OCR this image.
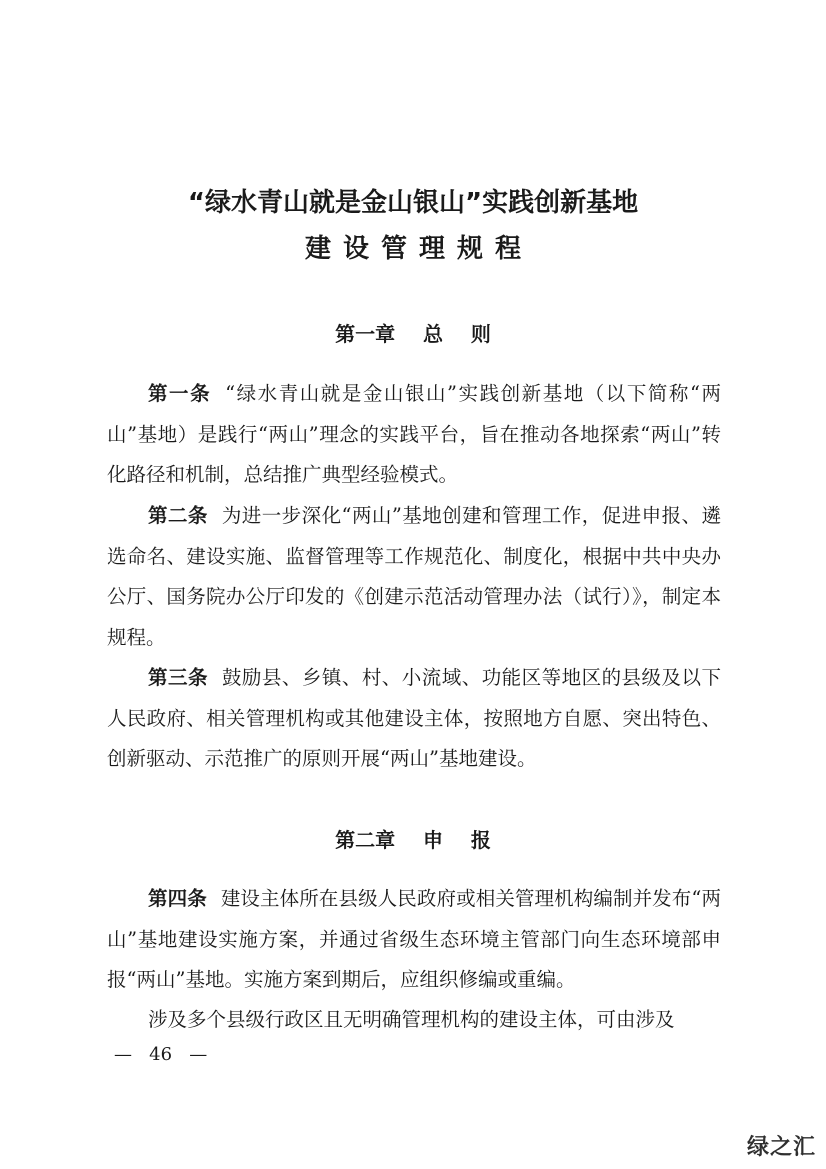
“绿水青山就是金山银山”实践创新基地
建设管理规程
第一章    总    则

第一条 “绿水青山就是金山银山”实践创新基地（以下简称“两山”基地）是践行“两山”理念的实践平台，旨在推动各地探索“两山”转化路径和机制，总结推广典型经验模式。

第二条 为进一步深化“两山”基地创建和管理工作，促进申报、遴选命名、建设实施、监督管理等工作规范化、制度化，根据中共中央办公厅、国务院办公厅印发的《创建示范活动管理办法（试行）》，制定本规程。

第三条 鼓励县、乡镇、村、小流域、功能区等地区的县级及以下人民政府、相关管理机构或其他建设主体，按照地方自愿、突出特色、创新驱动、示范推广的原则开展“两山”基地建设。

第二章    申    报

第四条 建设主体所在县级人民政府或相关管理机构编制并发布“两山”基地建设实施方案，并通过省级生态环境主管部门向生态环境部申报“两山”基地。实施方案到期后，应组织修编或重编。

涉及多个县级行政区且无明确管理机构的建设主体，可由涉及

—   46   —
绿之汇
